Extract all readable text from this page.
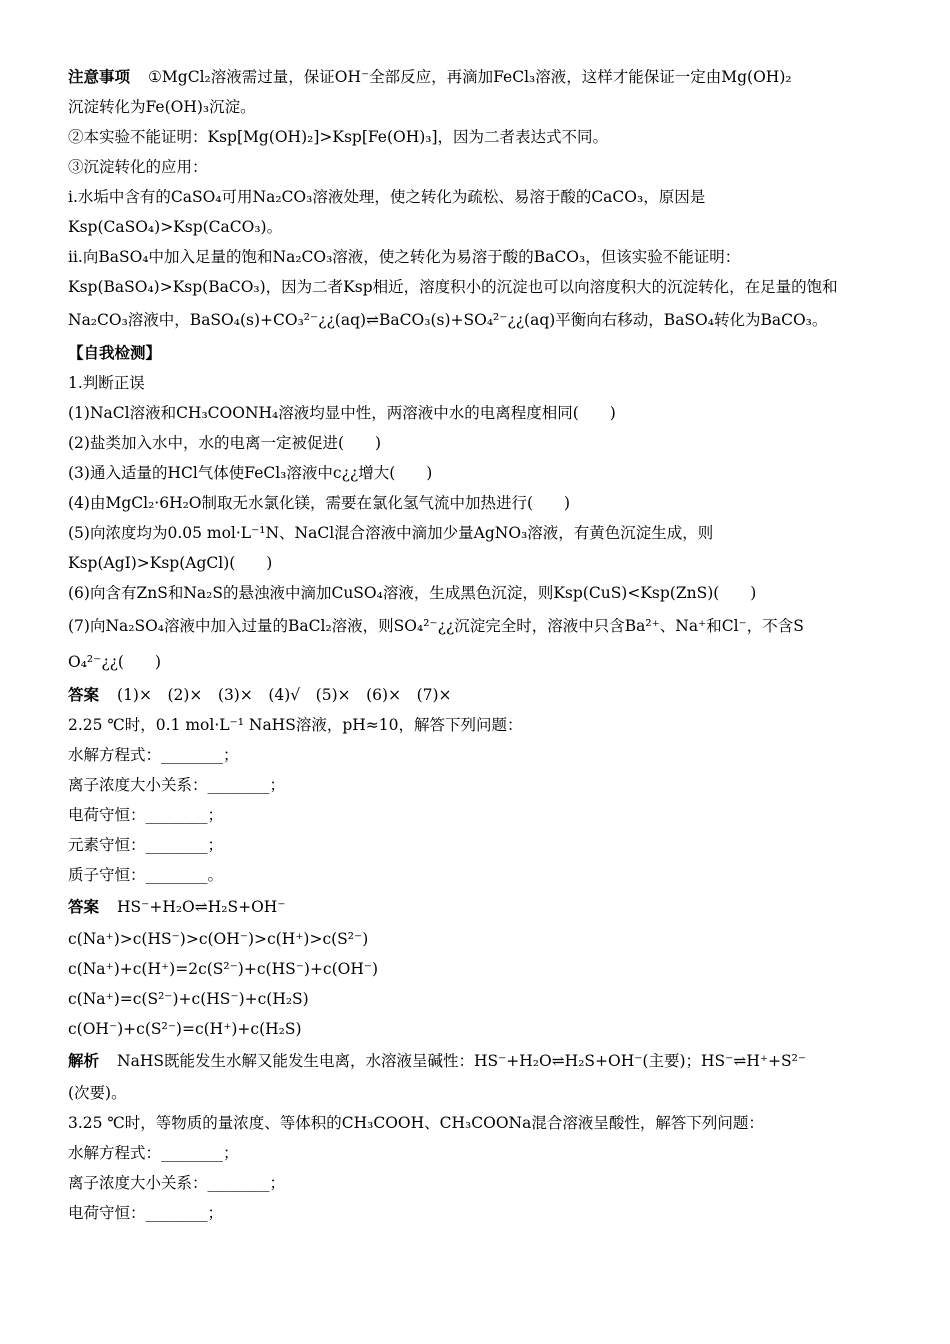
注意事项 ①MgCl₂溶液需过量，保证OH⁻全部反应，再滴加FeCl₃溶液，这样才能保证一定由Mg(OH)₂
沉淀转化为Fe(OH)₃沉淀。
②本实验不能证明：Ksp[Mg(OH)₂]>Ksp[Fe(OH)₃]，因为二者表达式不同。
③沉淀转化的应用：
ⅰ.水垢中含有的CaSO₄可用Na₂CO₃溶液处理，使之转化为疏松、易溶于酸的CaCO₃，原因是
Ksp(CaSO₄)>Ksp(CaCO₃)。
ⅱ.向BaSO₄中加入足量的饱和Na₂CO₃溶液，使之转化为易溶于酸的BaCO₃，但该实验不能证明：
Ksp(BaSO₄)>Ksp(BaCO₃)，因为二者Ksp相近，溶度积小的沉淀也可以向溶度积大的沉淀转化，在足量的饱和
Na₂CO₃溶液中，BaSO₄(s)+CO₃²⁻¿¿(aq)⇌BaCO₃(s)+SO₄²⁻¿¿(aq)平衡向右移动，BaSO₄转化为BaCO₃。
【自我检测】
1.判断正误
(1)NaCl溶液和CH₃COONH₄溶液均显中性，两溶液中水的电离程度相同(　　)
(2)盐类加入水中，水的电离一定被促进(　　)
(3)通入适量的HCl气体使FeCl₃溶液中c¿¿增大(　　)
(4)由MgCl₂·6H₂O制取无水氯化镁，需要在氯化氢气流中加热进行(　　)
(5)向浓度均为0.05 mol·L⁻¹N、NaCl混合溶液中滴加少量AgNO₃溶液，有黄色沉淀生成，则
Ksp(AgI)>Ksp(AgCl)(　　)
(6)向含有ZnS和Na₂S的悬浊液中滴加CuSO₄溶液，生成黑色沉淀，则Ksp(CuS)<Ksp(ZnS)(　　)
(7)向Na₂SO₄溶液中加入过量的BaCl₂溶液，则SO₄²⁻¿¿沉淀完全时，溶液中只含Ba²⁺、Na⁺和Cl⁻，不含S
O₄²⁻¿¿(　　)
答案 (1)×　(2)×　(3)×　(4)√　(5)×　(6)×　(7)×
2.25 ℃时，0.1 mol·L⁻¹ NaHS溶液，pH≈10，解答下列问题：
水解方程式：________；
离子浓度大小关系：________；
电荷守恒：________；
元素守恒：________；
质子守恒：________。
答案 HS⁻+H₂O⇌H₂S+OH⁻
c(Na⁺)>c(HS⁻)>c(OH⁻)>c(H⁺)>c(S²⁻)
c(Na⁺)+c(H⁺)=2c(S²⁻)+c(HS⁻)+c(OH⁻)
c(Na⁺)=c(S²⁻)+c(HS⁻)+c(H₂S)
c(OH⁻)+c(S²⁻)=c(H⁺)+c(H₂S)
解析 NaHS既能发生水解又能发生电离，水溶液呈碱性：HS⁻+H₂O⇌H₂S+OH⁻(主要)；HS⁻⇌H⁺+S²⁻
(次要)。
3.25 ℃时，等物质的量浓度、等体积的CH₃COOH、CH₃COONa混合溶液呈酸性，解答下列问题：
水解方程式：________；
离子浓度大小关系：________；
电荷守恒：________；
